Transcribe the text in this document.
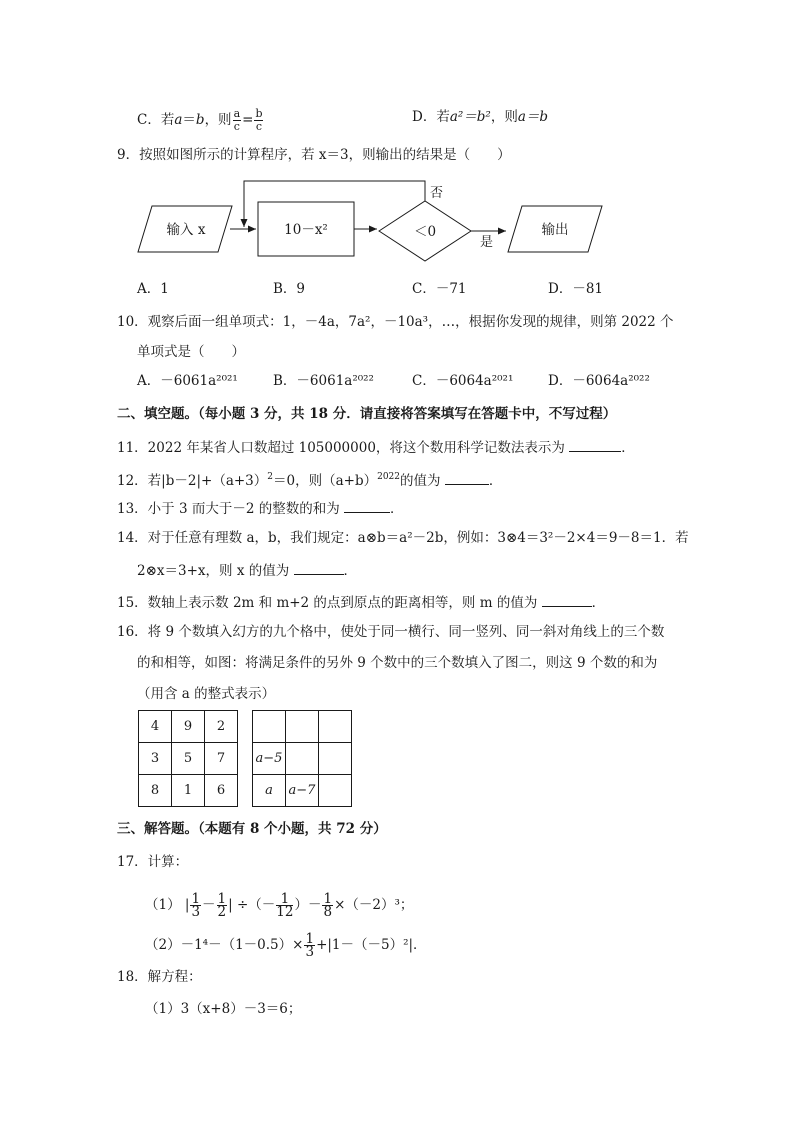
C．若a＝b，则 $\frac{a}{c} = \frac{b}{c}$	D．若a²＝b²，则a＝b
9．按照如图所示的计算程序，若 x＝3，则输出的结果是（　　）
输入 x	10－x²	＜0	输出
否
是
A．1	B．9	C．－71	D．－81
10．观察后面一组单项式：1，－4a，7a²，－10a³，…，根据你发现的规律，则第 2022 个
单项式是（　　）
A．－6061a²⁰²¹	B．－6061a²⁰²²	C．－6064a²⁰²¹	D．－6064a²⁰²²
二、填空题。（每小题 3 分，共 18 分．请直接将答案填写在答题卡中，不写过程）
11．2022 年某省人口数超过 105000000，将这个数用科学记数法表示为	．
12．若$|b-2|+(a+3)^2=0$，则$(a+b)^{2022}$的值为	．
13．小于 3 而大于－2 的整数的和为	．
14．对于任意有理数 a，b，我们规定：a⊗b＝a²－2b，例如：3⊗4＝3²－2×4＝9－8＝1．若
2⊗x＝3+x，则 x 的值为	．
15．数轴上表示数 2m 和 m+2 的点到原点的距离相等，则 m 的值为	．
16．将 9 个数填入幻方的九个格中，使处于同一横行、同一竖列、同一斜对角线上的三个数
的和相等，如图：将满足条件的另外 9 个数中的三个数填入了图二，则这 9 个数的和为
（用含 a 的整式表示）
4	9	2
3	5	7
8	1	6

a−5		
a	a−7	
三、解答题。（本题有 8 个小题，共 72 分）
17．计算：
（1） | $\frac{1}{3} - \frac{1}{2}$ | ÷（－ $\frac{1}{12}$ ）－ $\frac{1}{8} \times(-2)^3$；
$(2)-1^4-(1-0.5)\times \frac{1}{3} +|1-(-5)^2|$．
18．解方程：
（1）3（x+8）－3＝6；
